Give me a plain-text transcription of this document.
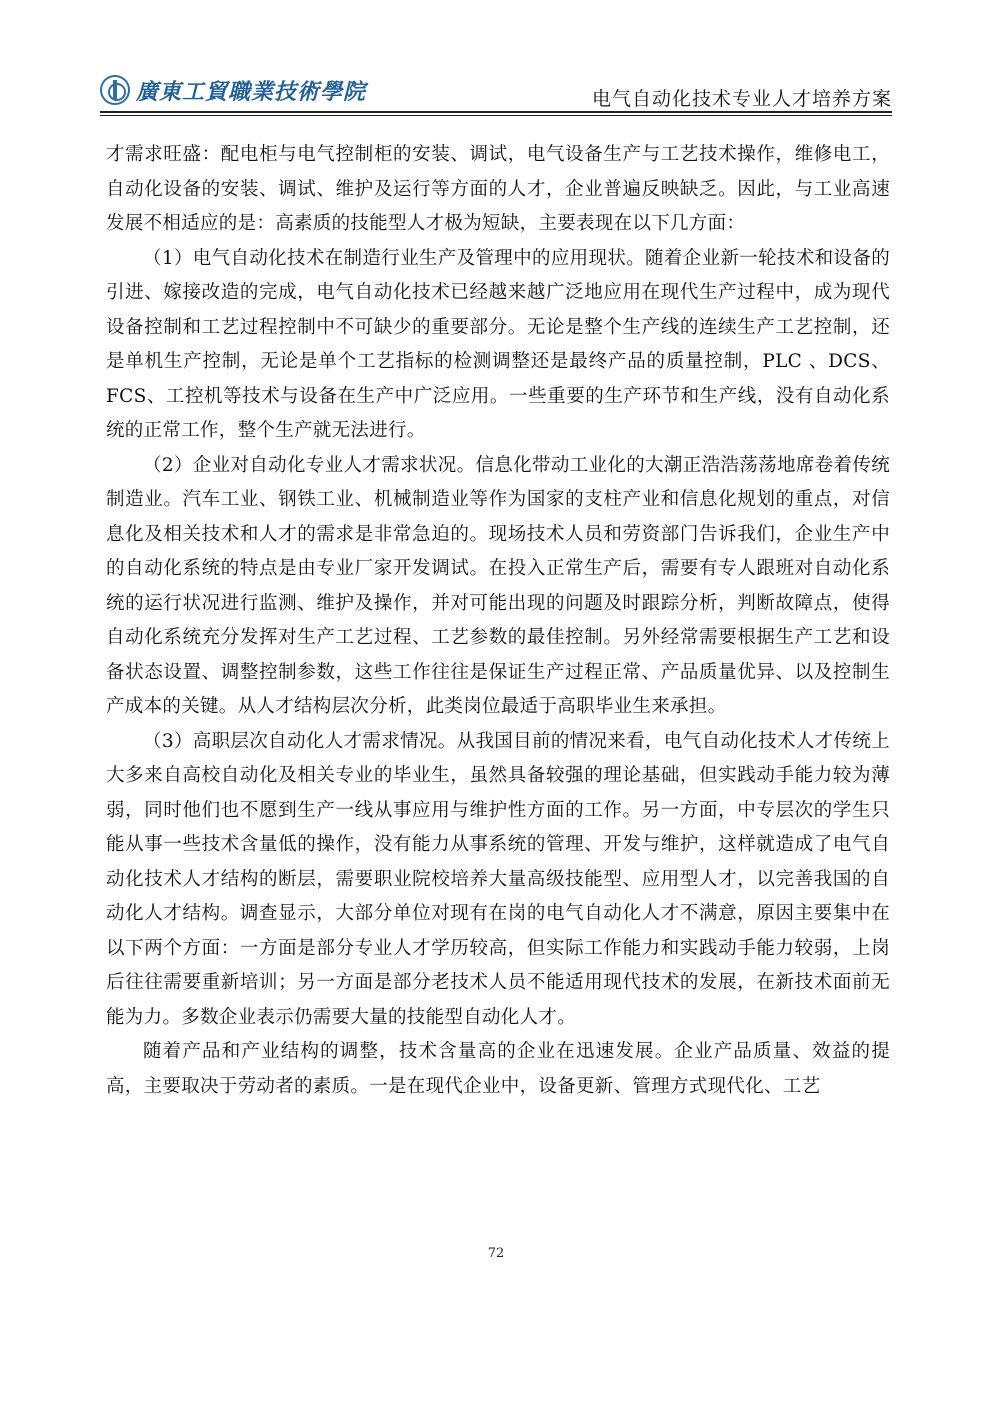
廣東工貿職業技術學院	电气自动化技术专业人才培养方案

才需求旺盛：配电柜与电气控制柜的安装、调试，电气设备生产与工艺技术操作，维修电工，自动化设备的安装、调试、维护及运行等方面的人才，企业普遍反映缺乏。因此，与工业高速发展不相适应的是：高素质的技能型人才极为短缺，主要表现在以下几方面：

（1）电气自动化技术在制造行业生产及管理中的应用现状。随着企业新一轮技术和设备的引进、嫁接改造的完成，电气自动化技术已经越来越广泛地应用在现代生产过程中，成为现代设备控制和工艺过程控制中不可缺少的重要部分。无论是整个生产线的连续生产工艺控制，还是单机生产控制，无论是单个工艺指标的检测调整还是最终产品的质量控制，PLC 、DCS、FCS、工控机等技术与设备在生产中广泛应用。一些重要的生产环节和生产线，没有自动化系统的正常工作，整个生产就无法进行。

（2）企业对自动化专业人才需求状况。信息化带动工业化的大潮正浩浩荡荡地席卷着传统制造业。汽车工业、钢铁工业、机械制造业等作为国家的支柱产业和信息化规划的重点，对信息化及相关技术和人才的需求是非常急迫的。现场技术人员和劳资部门告诉我们，企业生产中的自动化系统的特点是由专业厂家开发调试。在投入正常生产后，需要有专人跟班对自动化系统的运行状况进行监测、维护及操作，并对可能出现的问题及时跟踪分析，判断故障点，使得自动化系统充分发挥对生产工艺过程、工艺参数的最佳控制。另外经常需要根据生产工艺和设备状态设置、调整控制参数，这些工作往往是保证生产过程正常、产品质量优异、以及控制生产成本的关键。从人才结构层次分析，此类岗位最适于高职毕业生来承担。

（3）高职层次自动化人才需求情况。从我国目前的情况来看，电气自动化技术人才传统上大多来自高校自动化及相关专业的毕业生，虽然具备较强的理论基础，但实践动手能力较为薄弱，同时他们也不愿到生产一线从事应用与维护性方面的工作。另一方面，中专层次的学生只能从事一些技术含量低的操作，没有能力从事系统的管理、开发与维护，这样就造成了电气自动化技术人才结构的断层，需要职业院校培养大量高级技能型、应用型人才，以完善我国的自动化人才结构。调查显示，大部分单位对现有在岗的电气自动化人才不满意，原因主要集中在以下两个方面：一方面是部分专业人才学历较高，但实际工作能力和实践动手能力较弱，上岗后往往需要重新培训；另一方面是部分老技术人员不能适用现代技术的发展，在新技术面前无能为力。多数企业表示仍需要大量的技能型自动化人才。

随着产品和产业结构的调整，技术含量高的企业在迅速发展。企业产品质量、效益的提高，主要取决于劳动者的素质。一是在现代企业中，设备更新、管理方式现代化、工艺

72
